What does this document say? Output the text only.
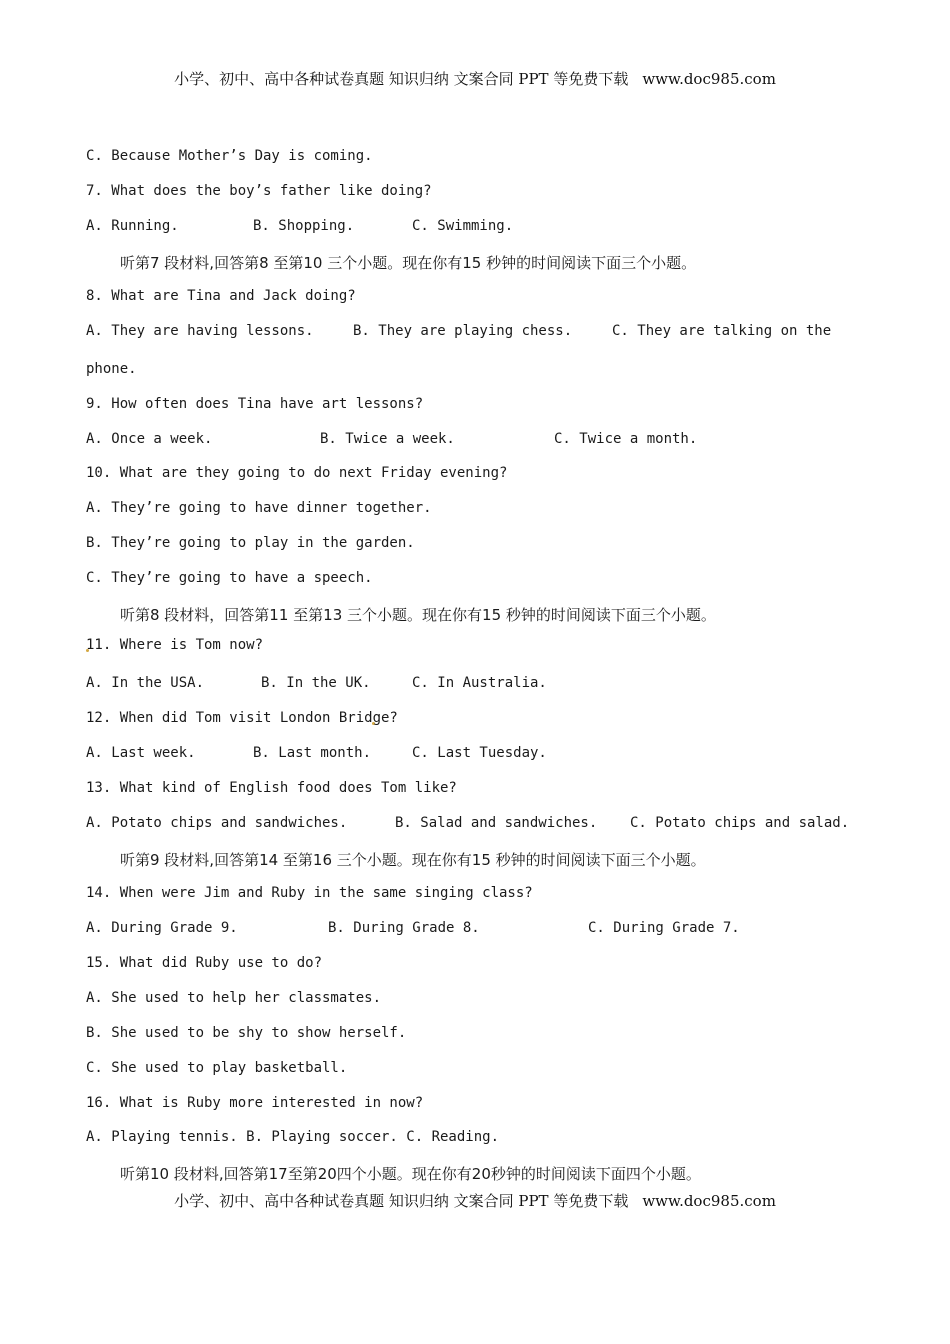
小学、初中、高中各种试卷真题 知识归纳 文案合同 PPT 等免费下载 www.doc985.com
C. Because Mother’s Day is coming.
7. What does the boy’s father like doing?
A. Running.	B. Shopping.	C. Swimming.
听第7 段材料,回答第8 至第10 三个小题。现在你有15 秒钟的时间阅读下面三个小题。
8. What are Tina and Jack doing?
A. They are having lessons.	B. They are playing chess.	C. They are talking on the
phone.
9. How often does Tina have art lessons?
A. Once a week.	B. Twice a week.	C. Twice a month.
10. What are they going to do next Friday evening?
A. They’re going to have dinner together.
B. They’re going to play in the garden.
C. They’re going to have a speech.
听第8 段材料，回答第11 至第13 三个小题。现在你有15 秒钟的时间阅读下面三个小题。
11. Where is Tom now?
A. In the USA.	B. In the UK.	C. In Australia.
12. When did Tom visit London Bridge?
A. Last week.	B. Last month.	C. Last Tuesday.
13. What kind of English food does Tom like?
A. Potato chips and sandwiches.	B. Salad and sandwiches. C. Potato chips and salad.
听第9 段材料,回答第14 至第16 三个小题。现在你有15 秒钟的时间阅读下面三个小题。
14. When were Jim and Ruby in the same singing class?
A. During Grade 9.	B. During Grade 8.	C. During Grade 7.
15. What did Ruby use to do?
A. She used to help her classmates.
B. She used to be shy to show herself.
C. She used to play basketball.
16. What is Ruby more interested in now?
A. Playing tennis. B. Playing soccer. C. Reading.
听第10 段材料,回答第17至第20四个小题。现在你有20秒钟的时间阅读下面四个小题。
小学、初中、高中各种试卷真题 知识归纳 文案合同 PPT 等免费下载 www.doc985.com
